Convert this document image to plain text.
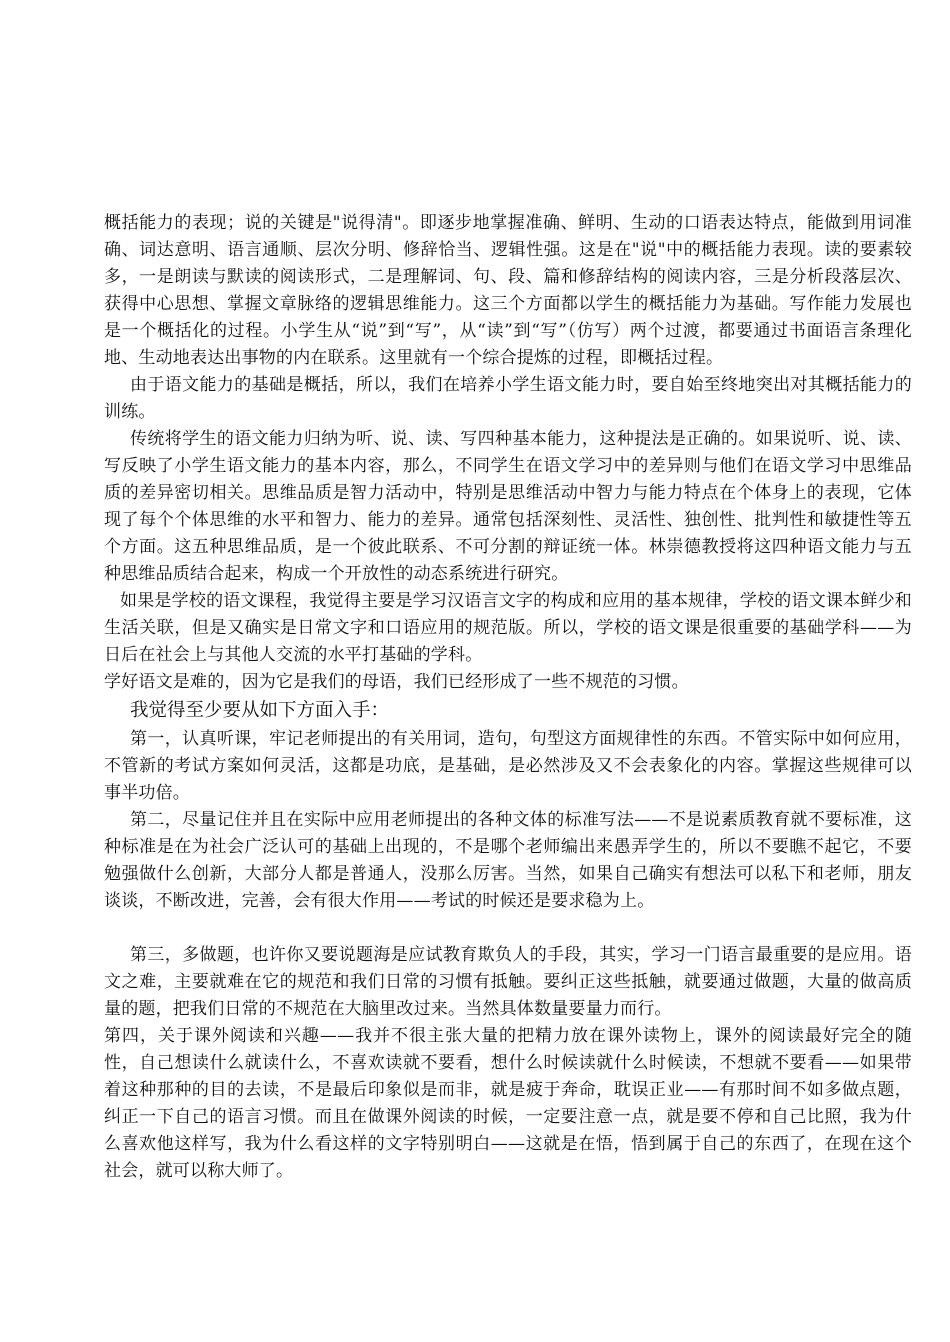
概括能力的表现；说的关键是"说得清"。即逐步地掌握准确、鲜明、生动的口语表达特点，能做到用词准确、词达意明、语言通顺、层次分明、修辞恰当、逻辑性强。这是在"说"中的概括能力表现。读的要素较多，一是朗读与默读的阅读形式，二是理解词、句、段、篇和修辞结构的阅读内容，三是分析段落层次、获得中心思想、掌握文章脉络的逻辑思维能力。这三个方面都以学生的概括能力为基础。写作能力发展也是一个概括化的过程。小学生从“说”到“写”，从“读”到“写”（仿写）两个过渡，都要通过书面语言条理化地、生动地表达出事物的内在联系。这里就有一个综合提炼的过程，即概括过程。

由于语文能力的基础是概括，所以，我们在培养小学生语文能力时，要自始至终地突出对其概括能力的训练。

传统将学生的语文能力归纳为听、说、读、写四种基本能力，这种提法是正确的。如果说听、说、读、写反映了小学生语文能力的基本内容，那么，不同学生在语文学习中的差异则与他们在语文学习中思维品质的差异密切相关。思维品质是智力活动中，特别是思维活动中智力与能力特点在个体身上的表现，它体现了每个个体思维的水平和智力、能力的差异。通常包括深刻性、灵活性、独创性、批判性和敏捷性等五个方面。这五种思维品质，是一个彼此联系、不可分割的辩证统一体。林崇德教授将这四种语文能力与五种思维品质结合起来，构成一个开放性的动态系统进行研究。

如果是学校的语文课程，我觉得主要是学习汉语言文字的构成和应用的基本规律，学校的语文课本鲜少和生活关联，但是又确实是日常文字和口语应用的规范版。所以，学校的语文课是很重要的基础学科——为日后在社会上与其他人交流的水平打基础的学科。

学好语文是难的，因为它是我们的母语，我们已经形成了一些不规范的习惯。

我觉得至少要从如下方面入手：

第一，认真听课，牢记老师提出的有关用词，造句，句型这方面规律性的东西。不管实际中如何应用，不管新的考试方案如何灵活，这都是功底，是基础，是必然涉及又不会表象化的内容。掌握这些规律可以事半功倍。

第二，尽量记住并且在实际中应用老师提出的各种文体的标准写法——不是说素质教育就不要标准，这种标准是在为社会广泛认可的基础上出现的，不是哪个老师编出来愚弄学生的，所以不要瞧不起它，不要勉强做什么创新，大部分人都是普通人，没那么厉害。当然，如果自己确实有想法可以私下和老师，朋友谈谈，不断改进，完善，会有很大作用——考试的时候还是要求稳为上。

第三，多做题，也许你又要说题海是应试教育欺负人的手段，其实，学习一门语言最重要的是应用。语文之难，主要就难在它的规范和我们日常的习惯有抵触。要纠正这些抵触，就要通过做题，大量的做高质量的题，把我们日常的不规范在大脑里改过来。当然具体数量要量力而行。

第四，关于课外阅读和兴趣——我并不很主张大量的把精力放在课外读物上，课外的阅读最好完全的随性，自己想读什么就读什么，不喜欢读就不要看，想什么时候读就什么时候读，不想就不要看——如果带着这种那种的目的去读，不是最后印象似是而非，就是疲于奔命，耽误正业——有那时间不如多做点题，纠正一下自己的语言习惯。而且在做课外阅读的时候，一定要注意一点，就是要不停和自己比照，我为什么喜欢他这样写，我为什么看这样的文字特别明白——这就是在悟，悟到属于自己的东西了，在现在这个社会，就可以称大师了。
